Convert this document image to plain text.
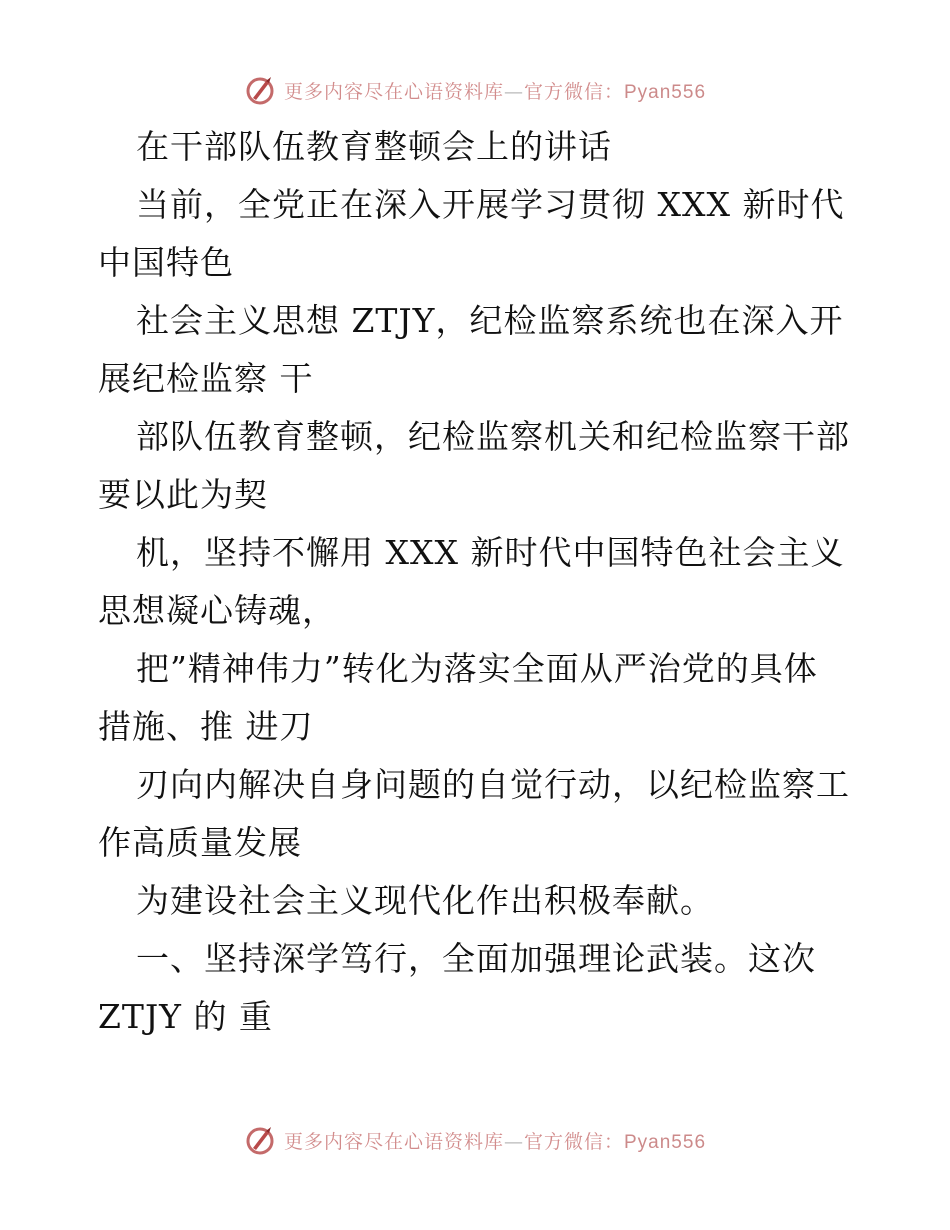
更多内容尽在心语资料库—官方微信：Pyan556
在干部队伍教育整顿会上的讲话
当前，全党正在深入开展学习贯彻 XXX 新时代
中国特色
社会主义思想 ZTJY，纪检监察系统也在深入开
展纪检监察 干
部队伍教育整顿，纪检监察机关和纪检监察干部
要以此为契
机，坚持不懈用 XXX 新时代中国特色社会主义
思想凝心铸魂，
把”精神伟力”转化为落实全面从严治党的具体
措施、推 进刀
刃向内解决自身问题的自觉行动，以纪检监察工
作高质量发展
为建设社会主义现代化作出积极奉献。
一、坚持深学笃行，全面加强理论武装。这次
ZTJY 的 重
更多内容尽在心语资料库—官方微信：Pyan556
